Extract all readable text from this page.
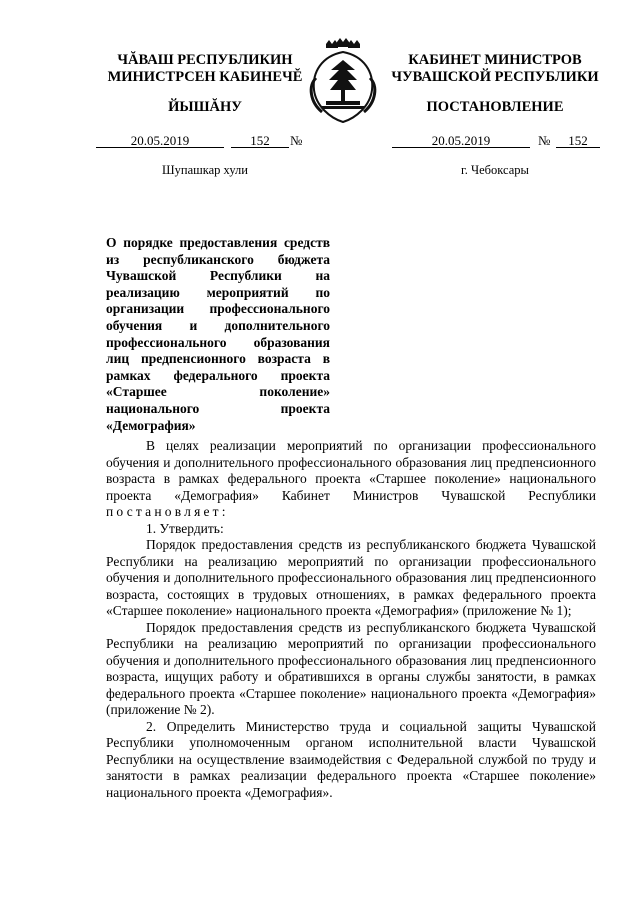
ЧĂВАШ РЕСПУБЛИКИН
МИНИСТРСЕН КАБИНЕЧĔ
ЙЫШĂНУ
КАБИНЕТ МИНИСТРОВ
ЧУВАШСКОЙ РЕСПУБЛИКИ
ПОСТАНОВЛЕНИЕ
20.05.2019	152	№	20.05.2019	№	152
Шупашкар хули	г. Чебоксары
О порядке предоставления средств из республиканского бюджета Чувашской Республики на реализацию мероприятий по организации профессионального обучения и дополнительного профессионального образования лиц предпенсионного возраста в рамках федерального проекта «Старшее поколение» национального проекта «Демография»

В целях реализации мероприятий по организации профессионального обучения и дополнительного профессионального образования лиц предпенсионного возраста в рамках федерального проекта «Старшее поколение» национального проекта «Демография» Кабинет Министров Чувашской Республики постановляет:

1. Утвердить:

Порядок предоставления средств из республиканского бюджета Чувашской Республики на реализацию мероприятий по организации профессионального обучения и дополнительного профессионального образования лиц предпенсионного возраста, состоящих в трудовых отношениях, в рамках федерального проекта «Старшее поколение» национального проекта «Демография» (приложение № 1);

Порядок предоставления средств из республиканского бюджета Чувашской Республики на реализацию мероприятий по организации профессионального обучения и дополнительного профессионального образования лиц предпенсионного возраста, ищущих работу и обратившихся в органы службы занятости, в рамках федерального проекта «Старшее поколение» национального проекта «Демография» (приложение № 2).

2. Определить Министерство труда и социальной защиты Чувашской Республики уполномоченным органом исполнительной власти Чувашской Республики на осуществление взаимодействия с Федеральной службой по труду и занятости в рамках реализации федерального проекта «Старшее поколение» национального проекта «Демография».
